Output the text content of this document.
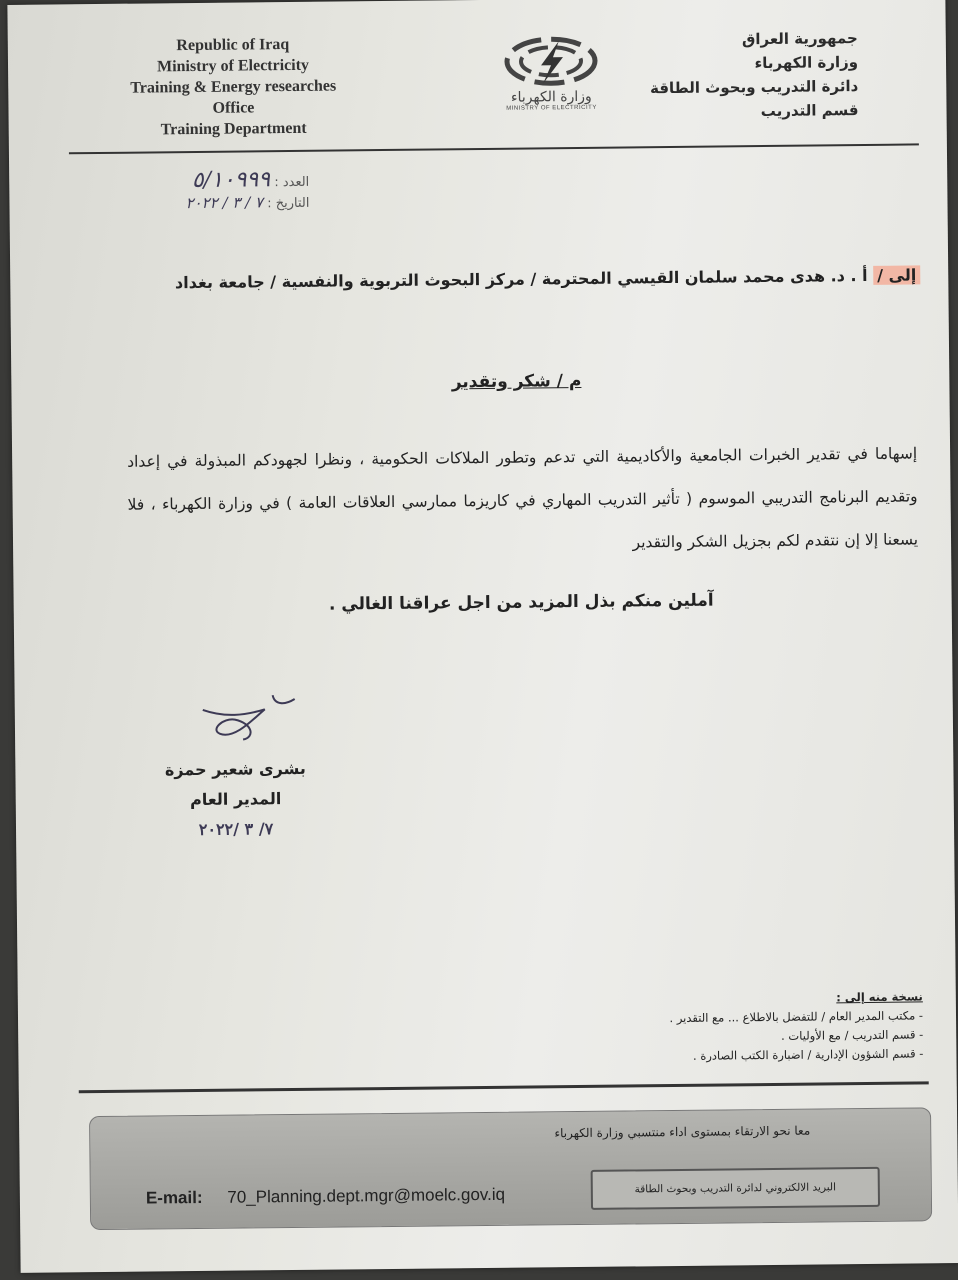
Republic of Iraq
Ministry of Electricity
Training & Energy researches Office
Training Department
وزارة الكهرباء
MINISTRY OF ELECTRICITY
جمهورية العراق
وزارة الكهرباء
دائرة التدريب وبحوث الطاقة
قسم التدريب
العدد : ٥/١٠٩٩٩
التاريخ : ٧ / ٣ / ٢٠٢٢
إلى / أ . د. هدى محمد سلمان القيسي المحترمة / مركز البحوث التربوية والنفسية / جامعة بغداد
م / شكر وتقدير
إسهاما في تقدير الخبرات الجامعية والأكاديمية التي تدعم وتطور الملاكات الحكومية ، ونظرا لجهودكم المبذولة في إعداد وتقديم البرنامج التدريبي الموسوم ( تأثير التدريب المهاري في كاريزما ممارسي العلاقات العامة ) في وزارة الكهرباء ، فلا يسعنا إلا إن نتقدم لكم بجزيل الشكر والتقدير
آملين منكم بذل المزيد من اجل عراقنا الغالي .
بشرى شعير حمزة
المدير العام
٧/ ٣ /٢٠٢٢
نسخة منه إلى :
- مكتب المدير العام / للتفضل بالاطلاع ... مع التقدير .
- قسم التدريب / مع الأوليات .
- قسم الشؤون الإدارية / اضبارة الكتب الصادرة .
معا نحو الارتقاء بمستوى اداء منتسبي وزارة الكهرباء
E-mail: 70_Planning.dept.mgr@moelc.gov.iq	البريد الالكتروني لدائرة التدريب وبحوث الطاقة
